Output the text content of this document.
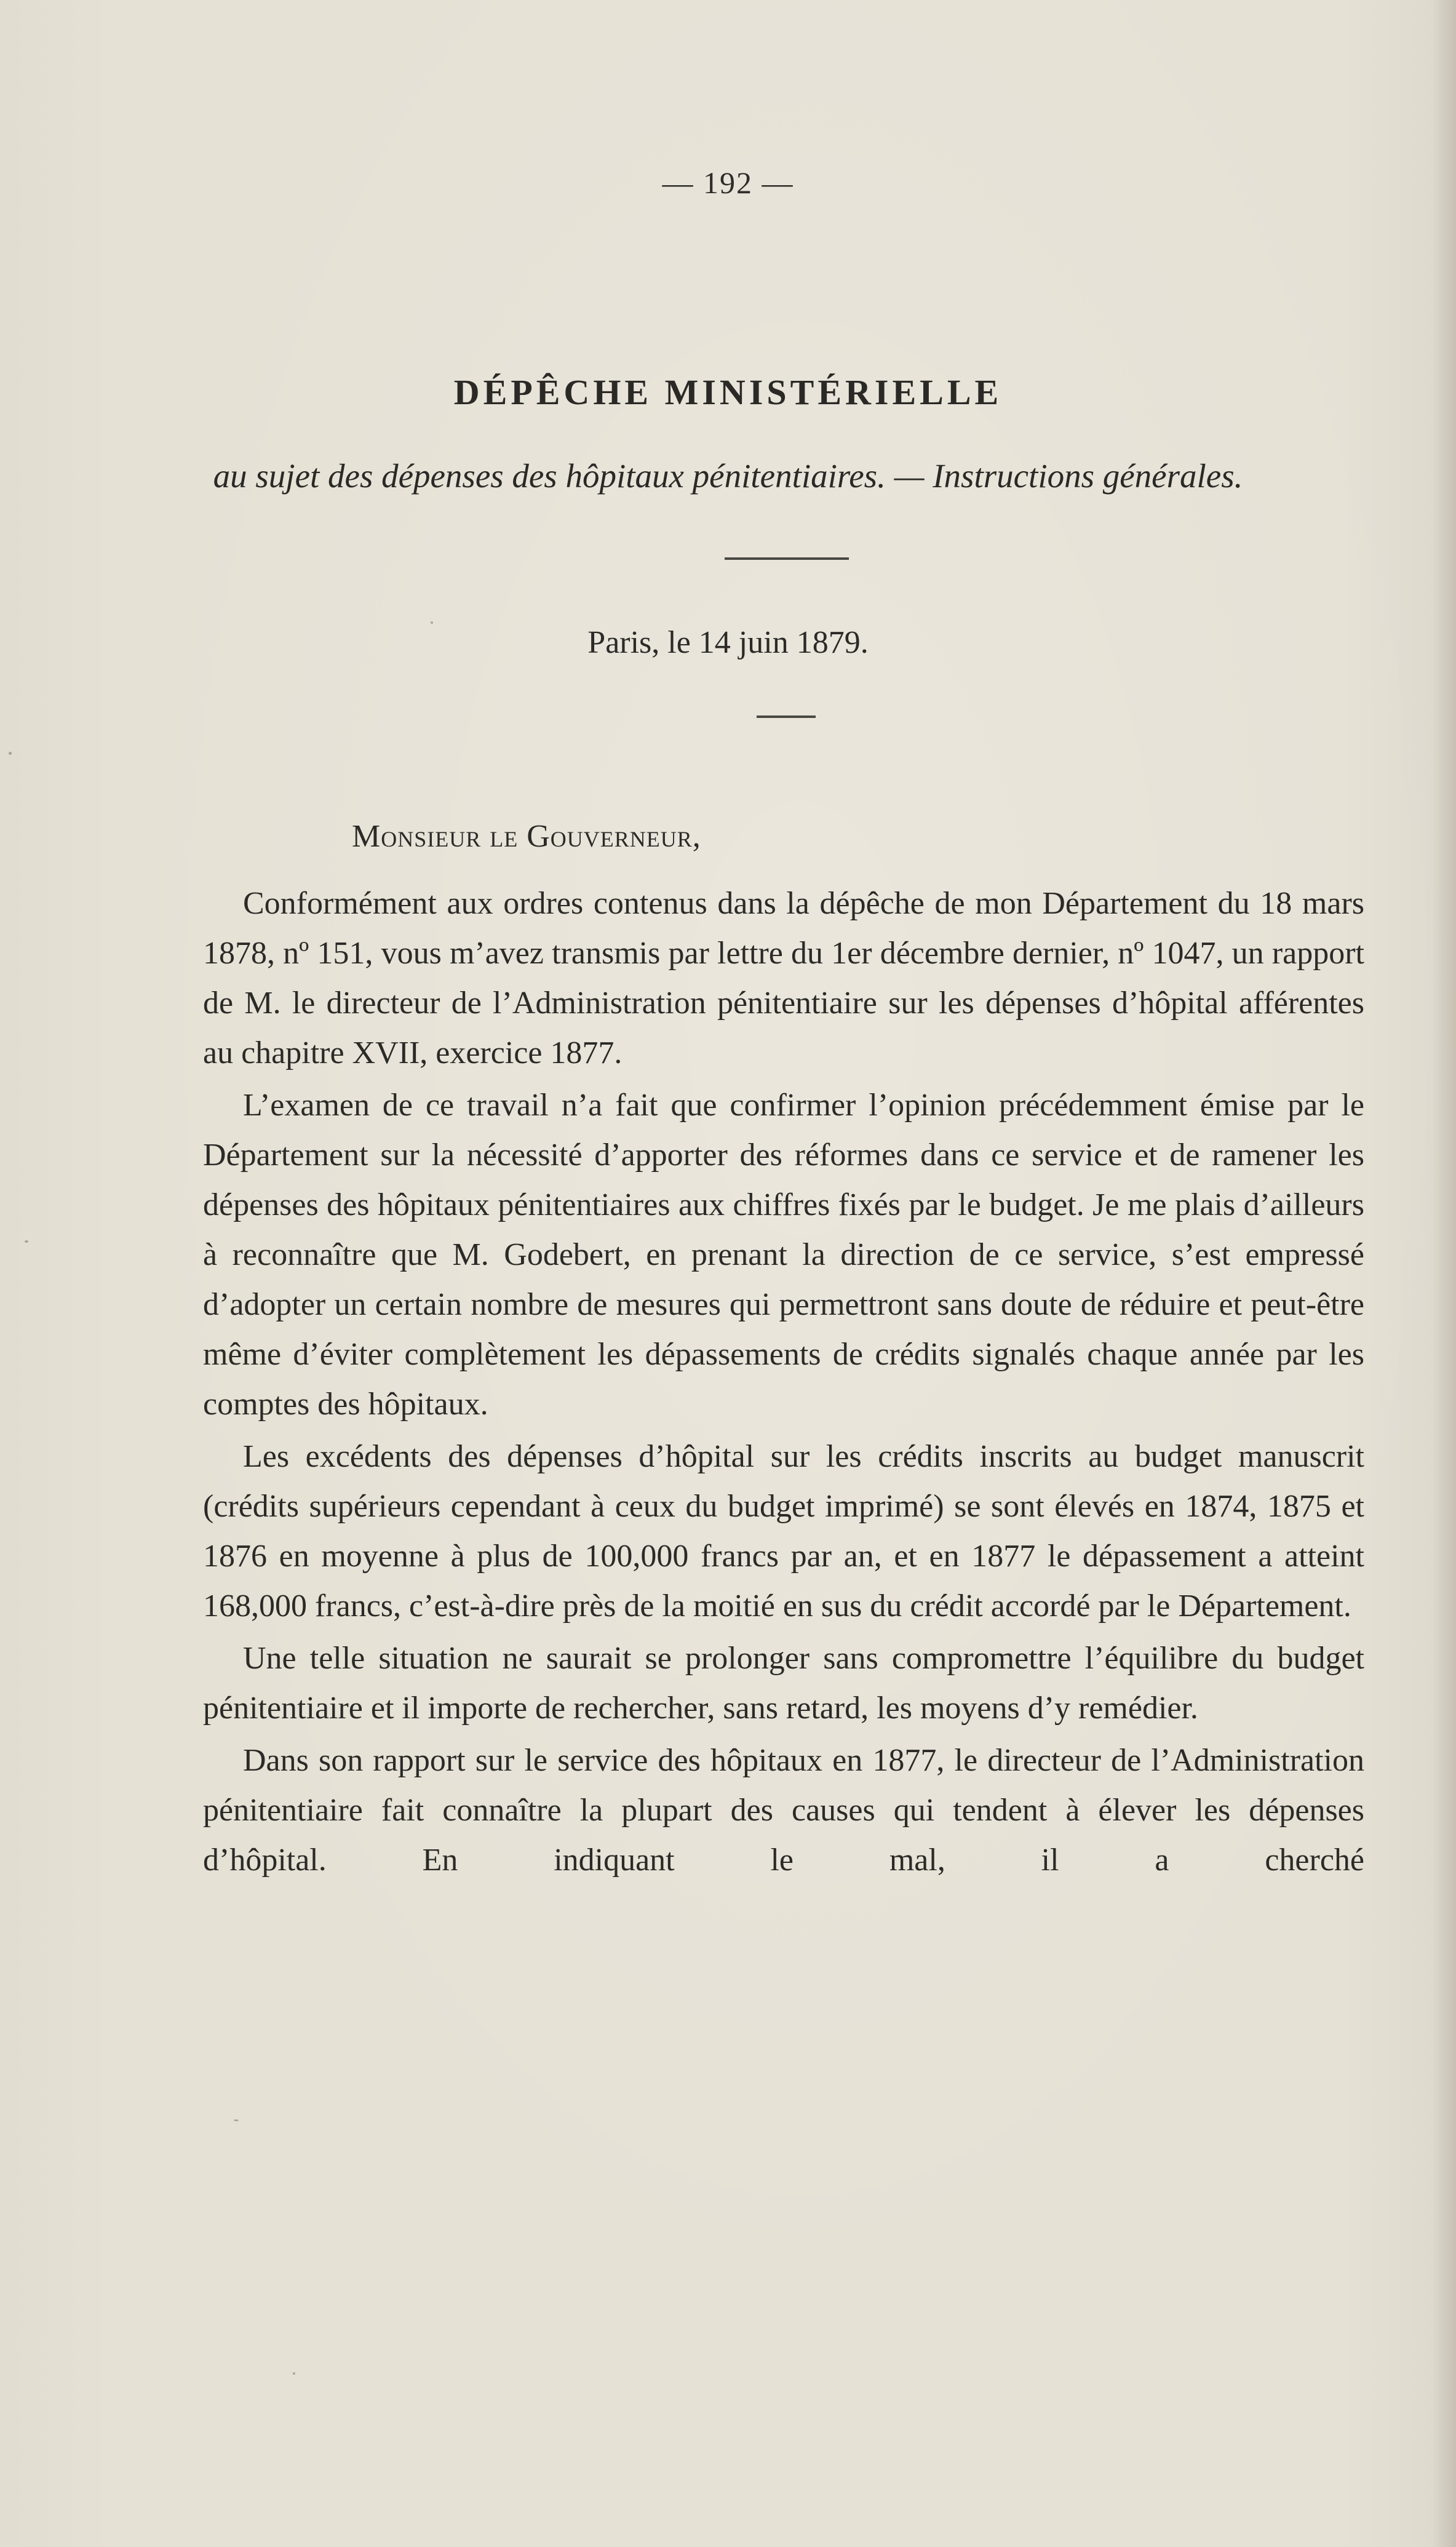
— 192 —
DÉPÊCHE MINISTÉRIELLE
au sujet des dépenses des hôpitaux pénitentiaires. — Instructions générales.
Paris, le 14 juin 1879.
Monsieur le Gouverneur,

Conformément aux ordres contenus dans la dépêche de mon Département du 18 mars 1878, nº 151, vous m’avez transmis par lettre du 1er décembre dernier, nº 1047, un rapport de M. le directeur de l’Administration pénitentiaire sur les dépenses d’hôpital afférentes au chapitre XVII, exercice 1877.

L’examen de ce travail n’a fait que confirmer l’opinion précédemment émise par le Département sur la nécessité d’apporter des réformes dans ce service et de ramener les dépenses des hôpitaux pénitentiaires aux chiffres fixés par le budget. Je me plais d’ailleurs à reconnaître que M. Godebert, en prenant la direction de ce service, s’est empressé d’adopter un certain nombre de mesures qui permettront sans doute de réduire et peut-être même d’éviter complètement les dépassements de crédits signalés chaque année par les comptes des hôpitaux.

Les excédents des dépenses d’hôpital sur les crédits inscrits au budget manuscrit (crédits supérieurs cependant à ceux du budget imprimé) se sont élevés en 1874, 1875 et 1876 en moyenne à plus de 100,000 francs par an, et en 1877 le dépassement a atteint 168,000 francs, c’est-à-dire près de la moitié en sus du crédit accordé par le Département.

Une telle situation ne saurait se prolonger sans compromettre l’équilibre du budget pénitentiaire et il importe de rechercher, sans retard, les moyens d’y remédier.

Dans son rapport sur le service des hôpitaux en 1877, le directeur de l’Administration pénitentiaire fait connaître la plupart des causes qui tendent à élever les dépenses d’hôpital. En indiquant le mal, il a cherché
